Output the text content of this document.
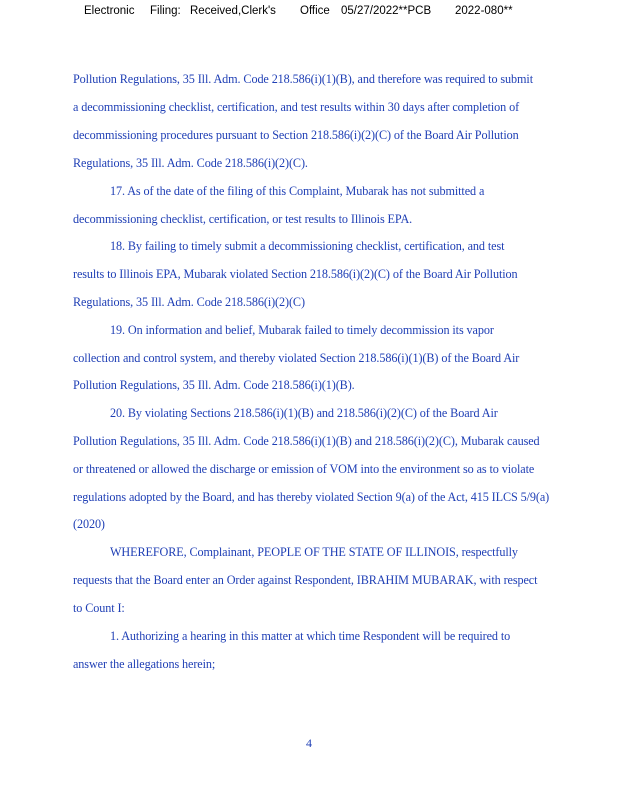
Electronic Filing: Received,Clerk's Office 05/27/2022**PCB 2022-080**
Pollution Regulations, 35 Ill. Adm. Code 218.586(i)(1)(B), and therefore was required to submit
a decommissioning checklist, certification, and test results within 30 days after completion of
decommissioning procedures pursuant to Section 218.586(i)(2)(C) of the Board Air Pollution
Regulations, 35 Ill. Adm. Code 218.586(i)(2)(C).
17. As of the date of the filing of this Complaint, Mubarak has not submitted a
decommissioning checklist, certification, or test results to Illinois EPA.
18. By failing to timely submit a decommissioning checklist, certification, and test
results to Illinois EPA, Mubarak violated Section 218.586(i)(2)(C) of the Board Air Pollution
Regulations, 35 Ill. Adm. Code 218.586(i)(2)(C)
19. On information and belief, Mubarak failed to timely decommission its vapor
collection and control system, and thereby violated Section 218.586(i)(1)(B) of the Board Air
Pollution Regulations, 35 Ill. Adm. Code 218.586(i)(1)(B).
20. By violating Sections 218.586(i)(1)(B) and 218.586(i)(2)(C) of the Board Air
Pollution Regulations, 35 Ill. Adm. Code 218.586(i)(1)(B) and 218.586(i)(2)(C), Mubarak caused
or threatened or allowed the discharge or emission of VOM into the environment so as to violate
regulations adopted by the Board, and has thereby violated Section 9(a) of the Act, 415 ILCS 5/9(a)
(2020)
WHEREFORE, Complainant, PEOPLE OF THE STATE OF ILLINOIS, respectfully
requests that the Board enter an Order against Respondent, IBRAHIM MUBARAK, with respect
to Count I:
1. Authorizing a hearing in this matter at which time Respondent will be required to
answer the allegations herein;
4
